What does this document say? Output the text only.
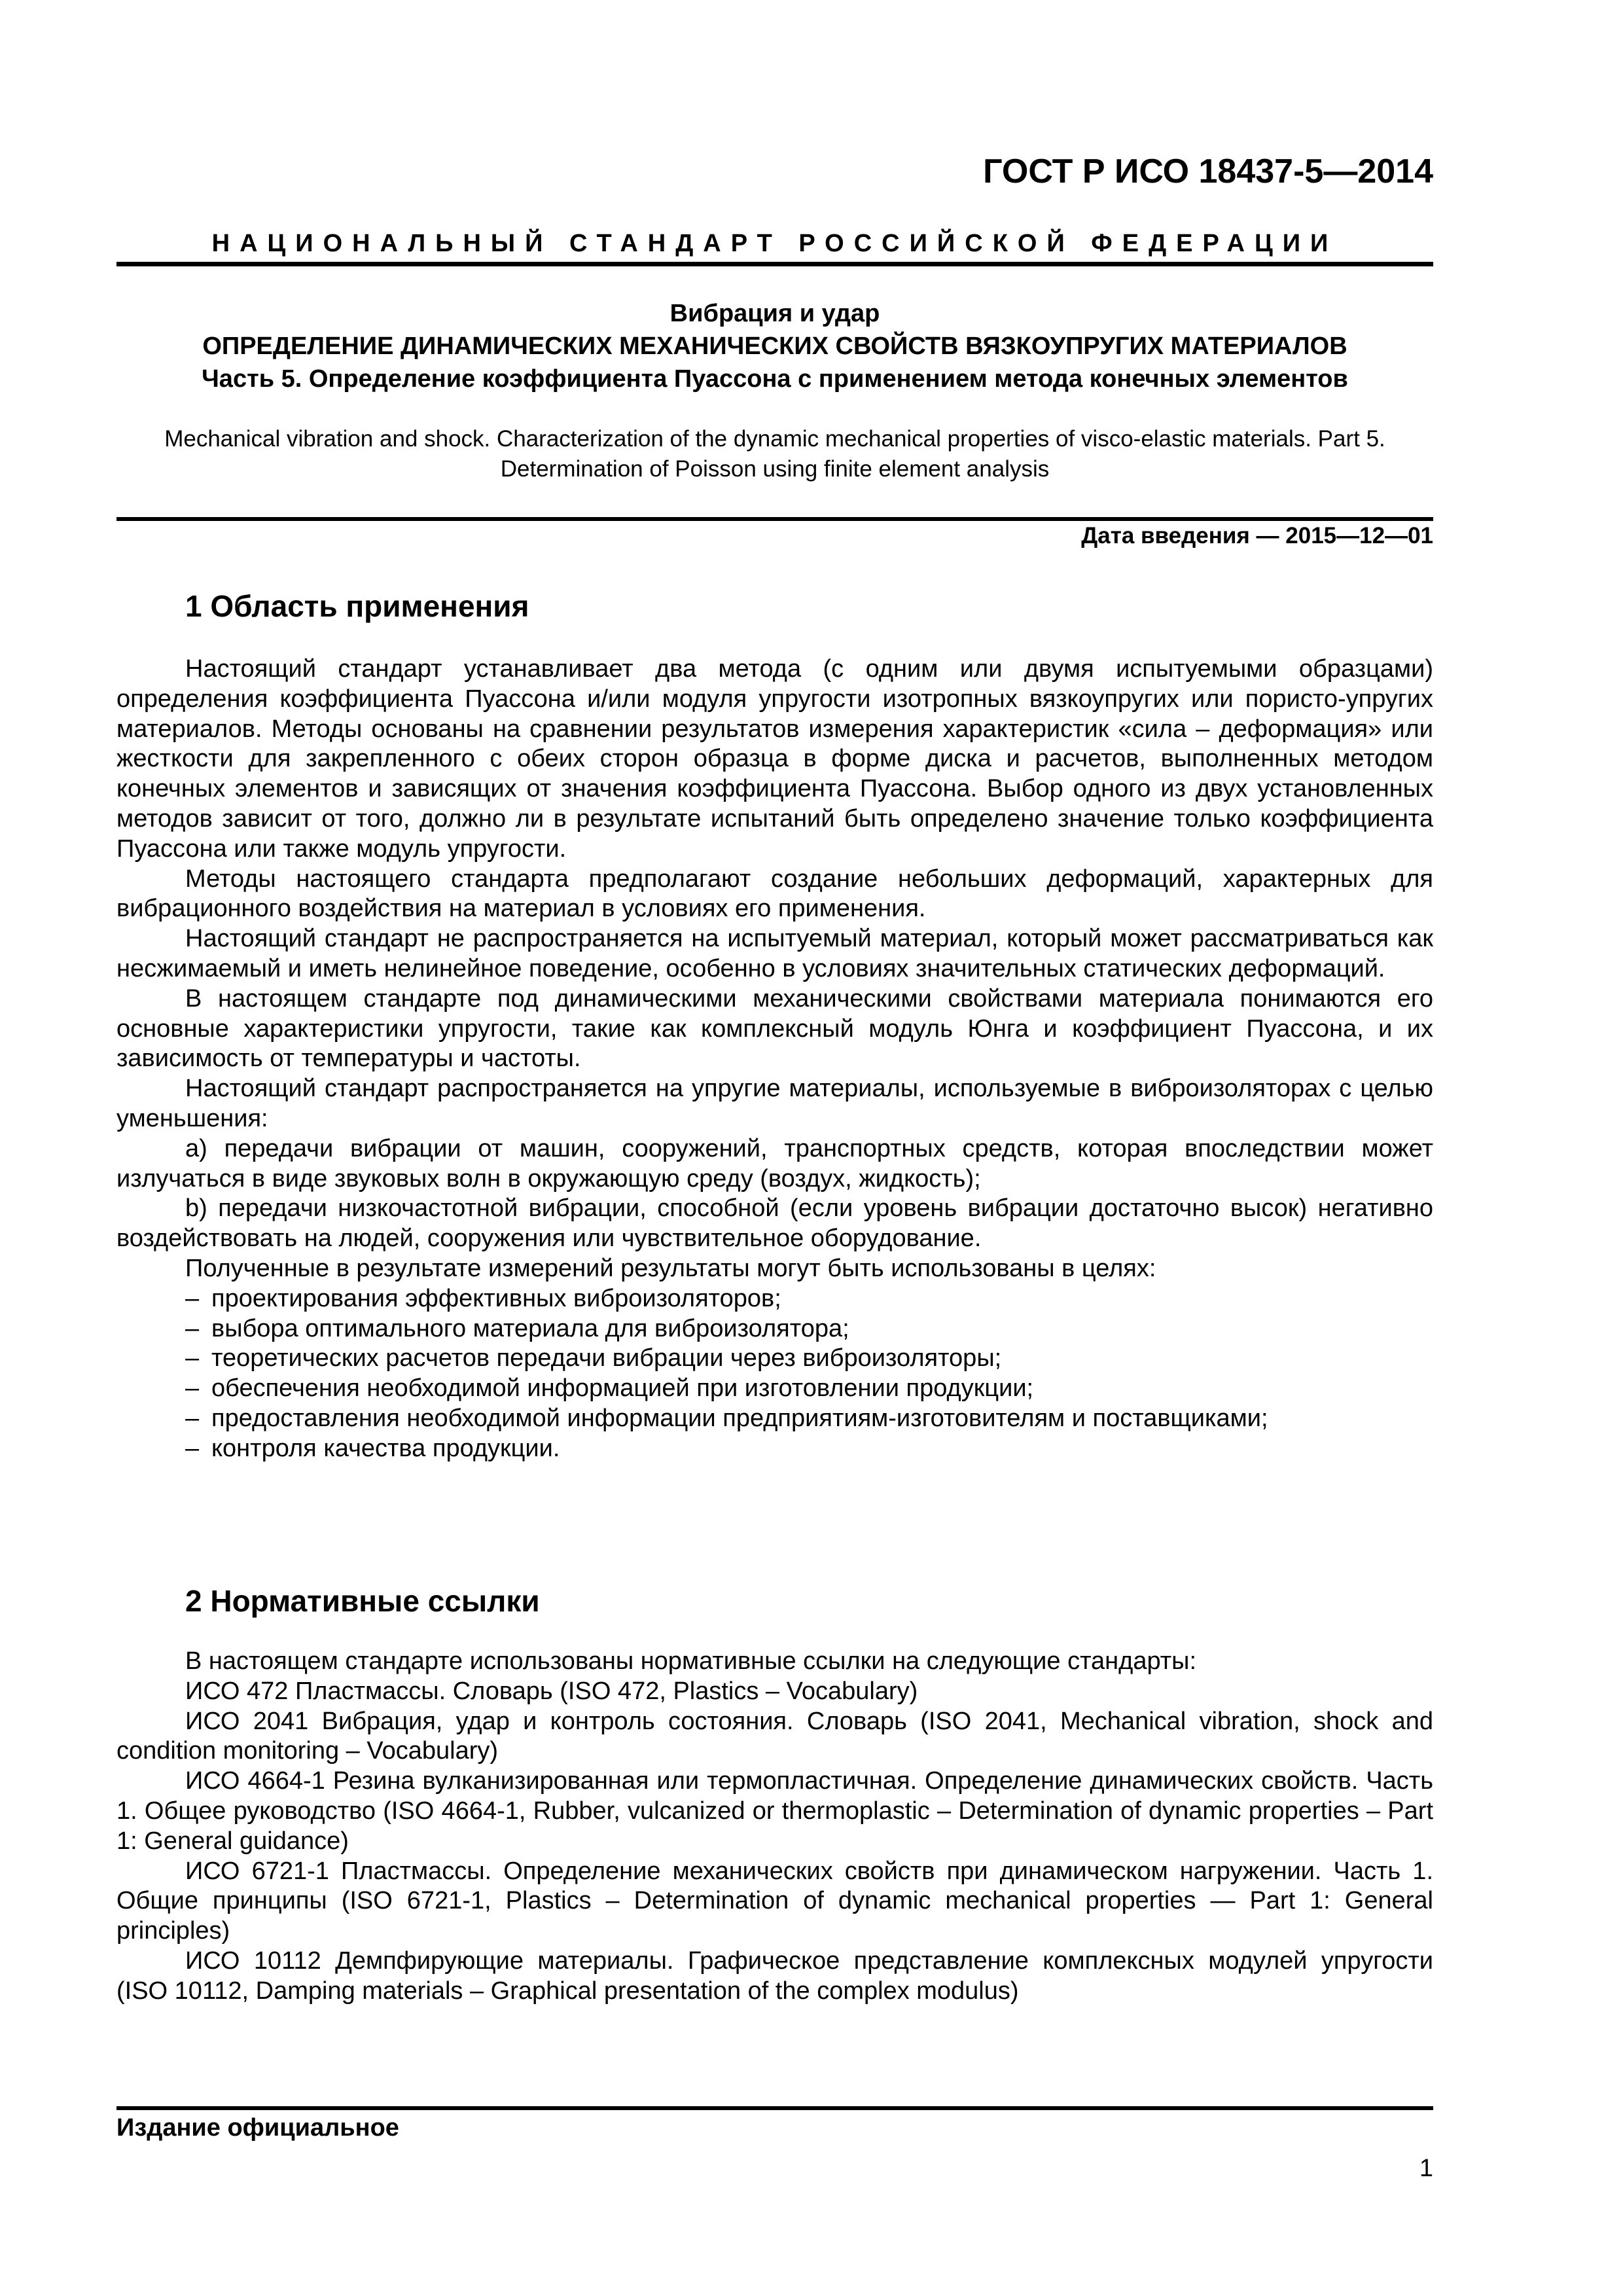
ГОСТ Р ИСО 18437-5—2014
НАЦИОНАЛЬНЫЙ СТАНДАРТ РОССИЙСКОЙ ФЕДЕРАЦИИ
Вибрация и удар
ОПРЕДЕЛЕНИЕ ДИНАМИЧЕСКИХ МЕХАНИЧЕСКИХ СВОЙСТВ ВЯЗКОУПРУГИХ МАТЕРИАЛОВ
Часть 5. Определение коэффициента Пуассона с применением метода конечных элементов
Mechanical vibration and shock. Characterization of the dynamic mechanical properties of visco-elastic materials. Part 5.
Determination of Poisson using finite element analysis
Дата введения — 2015—12—01
1 Область применения

Настоящий стандарт устанавливает два метода (с одним или двумя испытуемыми образцами) определения коэффициента Пуассона и/или модуля упругости изотропных вязкоупругих или пористо-упругих материалов. Методы основаны на сравнении результатов измерения характеристик «сила – деформация» или жесткости для закрепленного с обеих сторон образца в форме диска и расчетов, выполненных методом конечных элементов и зависящих от значения коэффициента Пуассона. Выбор одного из двух установленных методов зависит от того, должно ли в результате испытаний быть определено значение только коэффициента Пуассона или также модуль упругости.

Методы настоящего стандарта предполагают создание небольших деформаций, характерных для вибрационного воздействия на материал в условиях его применения.

Настоящий стандарт не распространяется на испытуемый материал, который может рассматриваться как несжимаемый и иметь нелинейное поведение, особенно в условиях значительных статических деформаций.

В настоящем стандарте под динамическими механическими свойствами материала понимаются его основные характеристики упругости, такие как комплексный модуль Юнга и коэффициент Пуассона, и их зависимость от температуры и частоты.

Настоящий стандарт распространяется на упругие материалы, используемые в виброизоляторах с целью уменьшения:

а) передачи вибрации от машин, сооружений, транспортных средств, которая впоследствии может излучаться в виде звуковых волн в окружающую среду (воздух, жидкость);

b) передачи низкочастотной вибрации, способной (если уровень вибрации достаточно высок) негативно воздействовать на людей, сооружения или чувствительное оборудование.

Полученные в результате измерений результаты могут быть использованы в целях:

– проектирования эффективных виброизоляторов;
– выбора оптимального материала для виброизолятора;
– теоретических расчетов передачи вибрации через виброизоляторы;
– обеспечения необходимой информацией при изготовлении продукции;
– предоставления необходимой информации предприятиям-изготовителям и поставщиками;
– контроля качества продукции.
2 Нормативные ссылки

В настоящем стандарте использованы нормативные ссылки на следующие стандарты:

ИСО 472 Пластмассы. Словарь (ISO 472, Plastics – Vocabulary)

ИСО 2041 Вибрация, удар и контроль состояния. Словарь (ISO 2041, Mechanical vibration, shock and condition monitoring – Vocabulary)

ИСО 4664-1 Резина вулканизированная или термопластичная. Определение динамических свойств. Часть 1. Общее руководство (ISO 4664-1, Rubber, vulcanized or thermoplastic – Determination of dynamic properties – Part 1: General guidance)

ИСО 6721-1 Пластмассы. Определение механических свойств при динамическом нагружении. Часть 1. Общие принципы (ISO 6721-1, Plastics – Determination of dynamic mechanical properties — Part 1: General principles)

ИСО 10112 Демпфирующие материалы. Графическое представление комплексных модулей упругости (ISO 10112, Damping materials – Graphical presentation of the complex modulus)

Издание официальное
1
